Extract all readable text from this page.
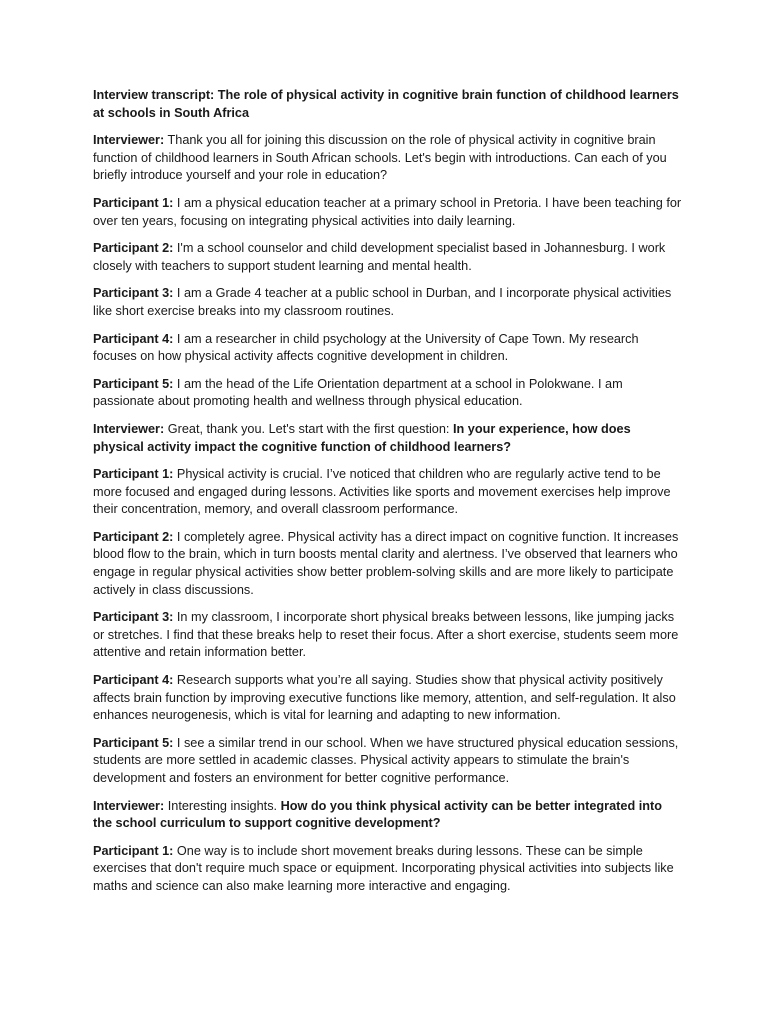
Interview transcript: The role of physical activity in cognitive brain function of childhood learners at schools in South Africa

Interviewer: Thank you all for joining this discussion on the role of physical activity in cognitive brain function of childhood learners in South African schools. Let's begin with introductions. Can each of you briefly introduce yourself and your role in education?

Participant 1: I am a physical education teacher at a primary school in Pretoria. I have been teaching for over ten years, focusing on integrating physical activities into daily learning.

Participant 2: I'm a school counselor and child development specialist based in Johannesburg. I work closely with teachers to support student learning and mental health.

Participant 3: I am a Grade 4 teacher at a public school in Durban, and I incorporate physical activities like short exercise breaks into my classroom routines.

Participant 4: I am a researcher in child psychology at the University of Cape Town. My research focuses on how physical activity affects cognitive development in children.

Participant 5: I am the head of the Life Orientation department at a school in Polokwane. I am passionate about promoting health and wellness through physical education.

Interviewer: Great, thank you. Let's start with the first question: In your experience, how does physical activity impact the cognitive function of childhood learners?

Participant 1: Physical activity is crucial. I’ve noticed that children who are regularly active tend to be more focused and engaged during lessons. Activities like sports and movement exercises help improve their concentration, memory, and overall classroom performance.

Participant 2: I completely agree. Physical activity has a direct impact on cognitive function. It increases blood flow to the brain, which in turn boosts mental clarity and alertness. I’ve observed that learners who engage in regular physical activities show better problem-solving skills and are more likely to participate actively in class discussions.

Participant 3: In my classroom, I incorporate short physical breaks between lessons, like jumping jacks or stretches. I find that these breaks help to reset their focus. After a short exercise, students seem more attentive and retain information better.

Participant 4: Research supports what you’re all saying. Studies show that physical activity positively affects brain function by improving executive functions like memory, attention, and self-regulation. It also enhances neurogenesis, which is vital for learning and adapting to new information.

Participant 5: I see a similar trend in our school. When we have structured physical education sessions, students are more settled in academic classes. Physical activity appears to stimulate the brain's development and fosters an environment for better cognitive performance.

Interviewer: Interesting insights. How do you think physical activity can be better integrated into the school curriculum to support cognitive development?

Participant 1: One way is to include short movement breaks during lessons. These can be simple exercises that don't require much space or equipment. Incorporating physical activities into subjects like maths and science can also make learning more interactive and engaging.
